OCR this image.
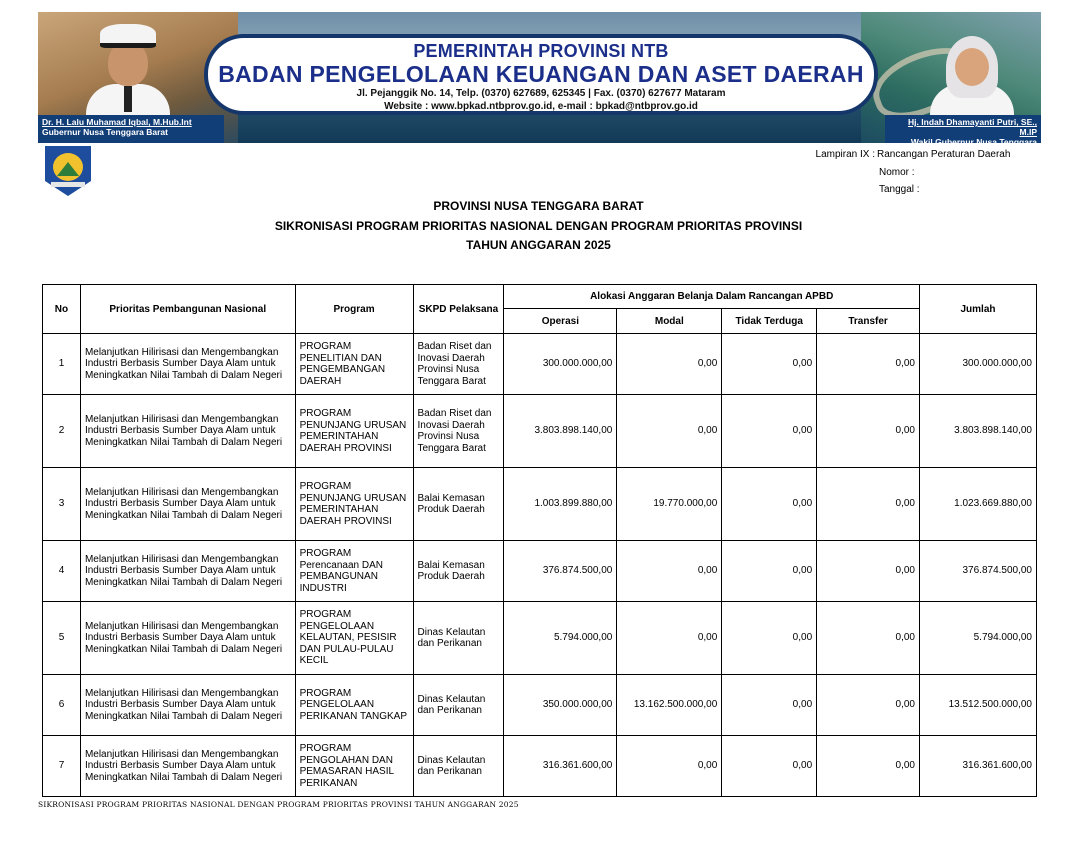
Dr. H. Lalu Muhamad Iqbal, M.Hub.Int
Gubernur Nusa Tenggara Barat
Hj. Indah Dhamayanti Putri, SE., M.IP
Wakil Gubernur Nusa Tenggara Barat
PEMERINTAH PROVINSI NTB
BADAN PENGELOLAAN KEUANGAN DAN ASET DAERAH
Jl. Pejanggik No. 14, Telp. (0370) 627689, 625345 | Fax. (0370) 627677 Mataram
Website : www.bpkad.ntbprov.go.id, e-mail : bpkad@ntbprov.go.id
Lampiran IX : Rancangan Peraturan Daerah
Nomor :
Tanggal :
PROVINSI NUSA TENGGARA BARAT
SIKRONISASI PROGRAM PRIORITAS NASIONAL DENGAN PROGRAM PRIORITAS PROVINSI
TAHUN ANGGARAN 2025
No	Prioritas Pembangunan Nasional	Program	SKPD Pelaksana	Alokasi Anggaran Belanja Dalam Rancangan APBD				Jumlah
				Operasi	Modal	Tidak Terduga	Transfer	
1	Melanjutkan Hilirisasi dan Mengembangkan Industri Berbasis Sumber Daya Alam untuk Meningkatkan Nilai Tambah di Dalam Negeri	PROGRAM PENELITIAN DAN PENGEMBANGAN DAERAH	Badan Riset dan Inovasi Daerah Provinsi Nusa Tenggara Barat	300.000.000,00	0,00	0,00	0,00	300.000.000,00
2	Melanjutkan Hilirisasi dan Mengembangkan Industri Berbasis Sumber Daya Alam untuk Meningkatkan Nilai Tambah di Dalam Negeri	PROGRAM PENUNJANG URUSAN PEMERINTAHAN DAERAH PROVINSI	Badan Riset dan Inovasi Daerah Provinsi Nusa Tenggara Barat	3.803.898.140,00	0,00	0,00	0,00	3.803.898.140,00
3	Melanjutkan Hilirisasi dan Mengembangkan Industri Berbasis Sumber Daya Alam untuk Meningkatkan Nilai Tambah di Dalam Negeri	PROGRAM PENUNJANG URUSAN PEMERINTAHAN DAERAH PROVINSI	Balai Kemasan Produk Daerah	1.003.899.880,00	19.770.000,00	0,00	0,00	1.023.669.880,00
4	Melanjutkan Hilirisasi dan Mengembangkan Industri Berbasis Sumber Daya Alam untuk Meningkatkan Nilai Tambah di Dalam Negeri	PROGRAM Perencanaan DAN PEMBANGUNAN INDUSTRI	Balai Kemasan Produk Daerah	376.874.500,00	0,00	0,00	0,00	376.874.500,00
5	Melanjutkan Hilirisasi dan Mengembangkan Industri Berbasis Sumber Daya Alam untuk Meningkatkan Nilai Tambah di Dalam Negeri	PROGRAM PENGELOLAAN KELAUTAN, PESISIR DAN PULAU-PULAU KECIL	Dinas Kelautan dan Perikanan	5.794.000,00	0,00	0,00	0,00	5.794.000,00
6	Melanjutkan Hilirisasi dan Mengembangkan Industri Berbasis Sumber Daya Alam untuk Meningkatkan Nilai Tambah di Dalam Negeri	PROGRAM PENGELOLAAN PERIKANAN TANGKAP	Dinas Kelautan dan Perikanan	350.000.000,00	13.162.500.000,00	0,00	0,00	13.512.500.000,00
7	Melanjutkan Hilirisasi dan Mengembangkan Industri Berbasis Sumber Daya Alam untuk Meningkatkan Nilai Tambah di Dalam Negeri	PROGRAM PENGOLAHAN DAN PEMASARAN HASIL PERIKANAN	Dinas Kelautan dan Perikanan	316.361.600,00	0,00	0,00	0,00	316.361.600,00
SIKRONISASI PROGRAM PRIORITAS NASIONAL DENGAN PROGRAM PRIORITAS PROVINSI TAHUN ANGGARAN 2025
